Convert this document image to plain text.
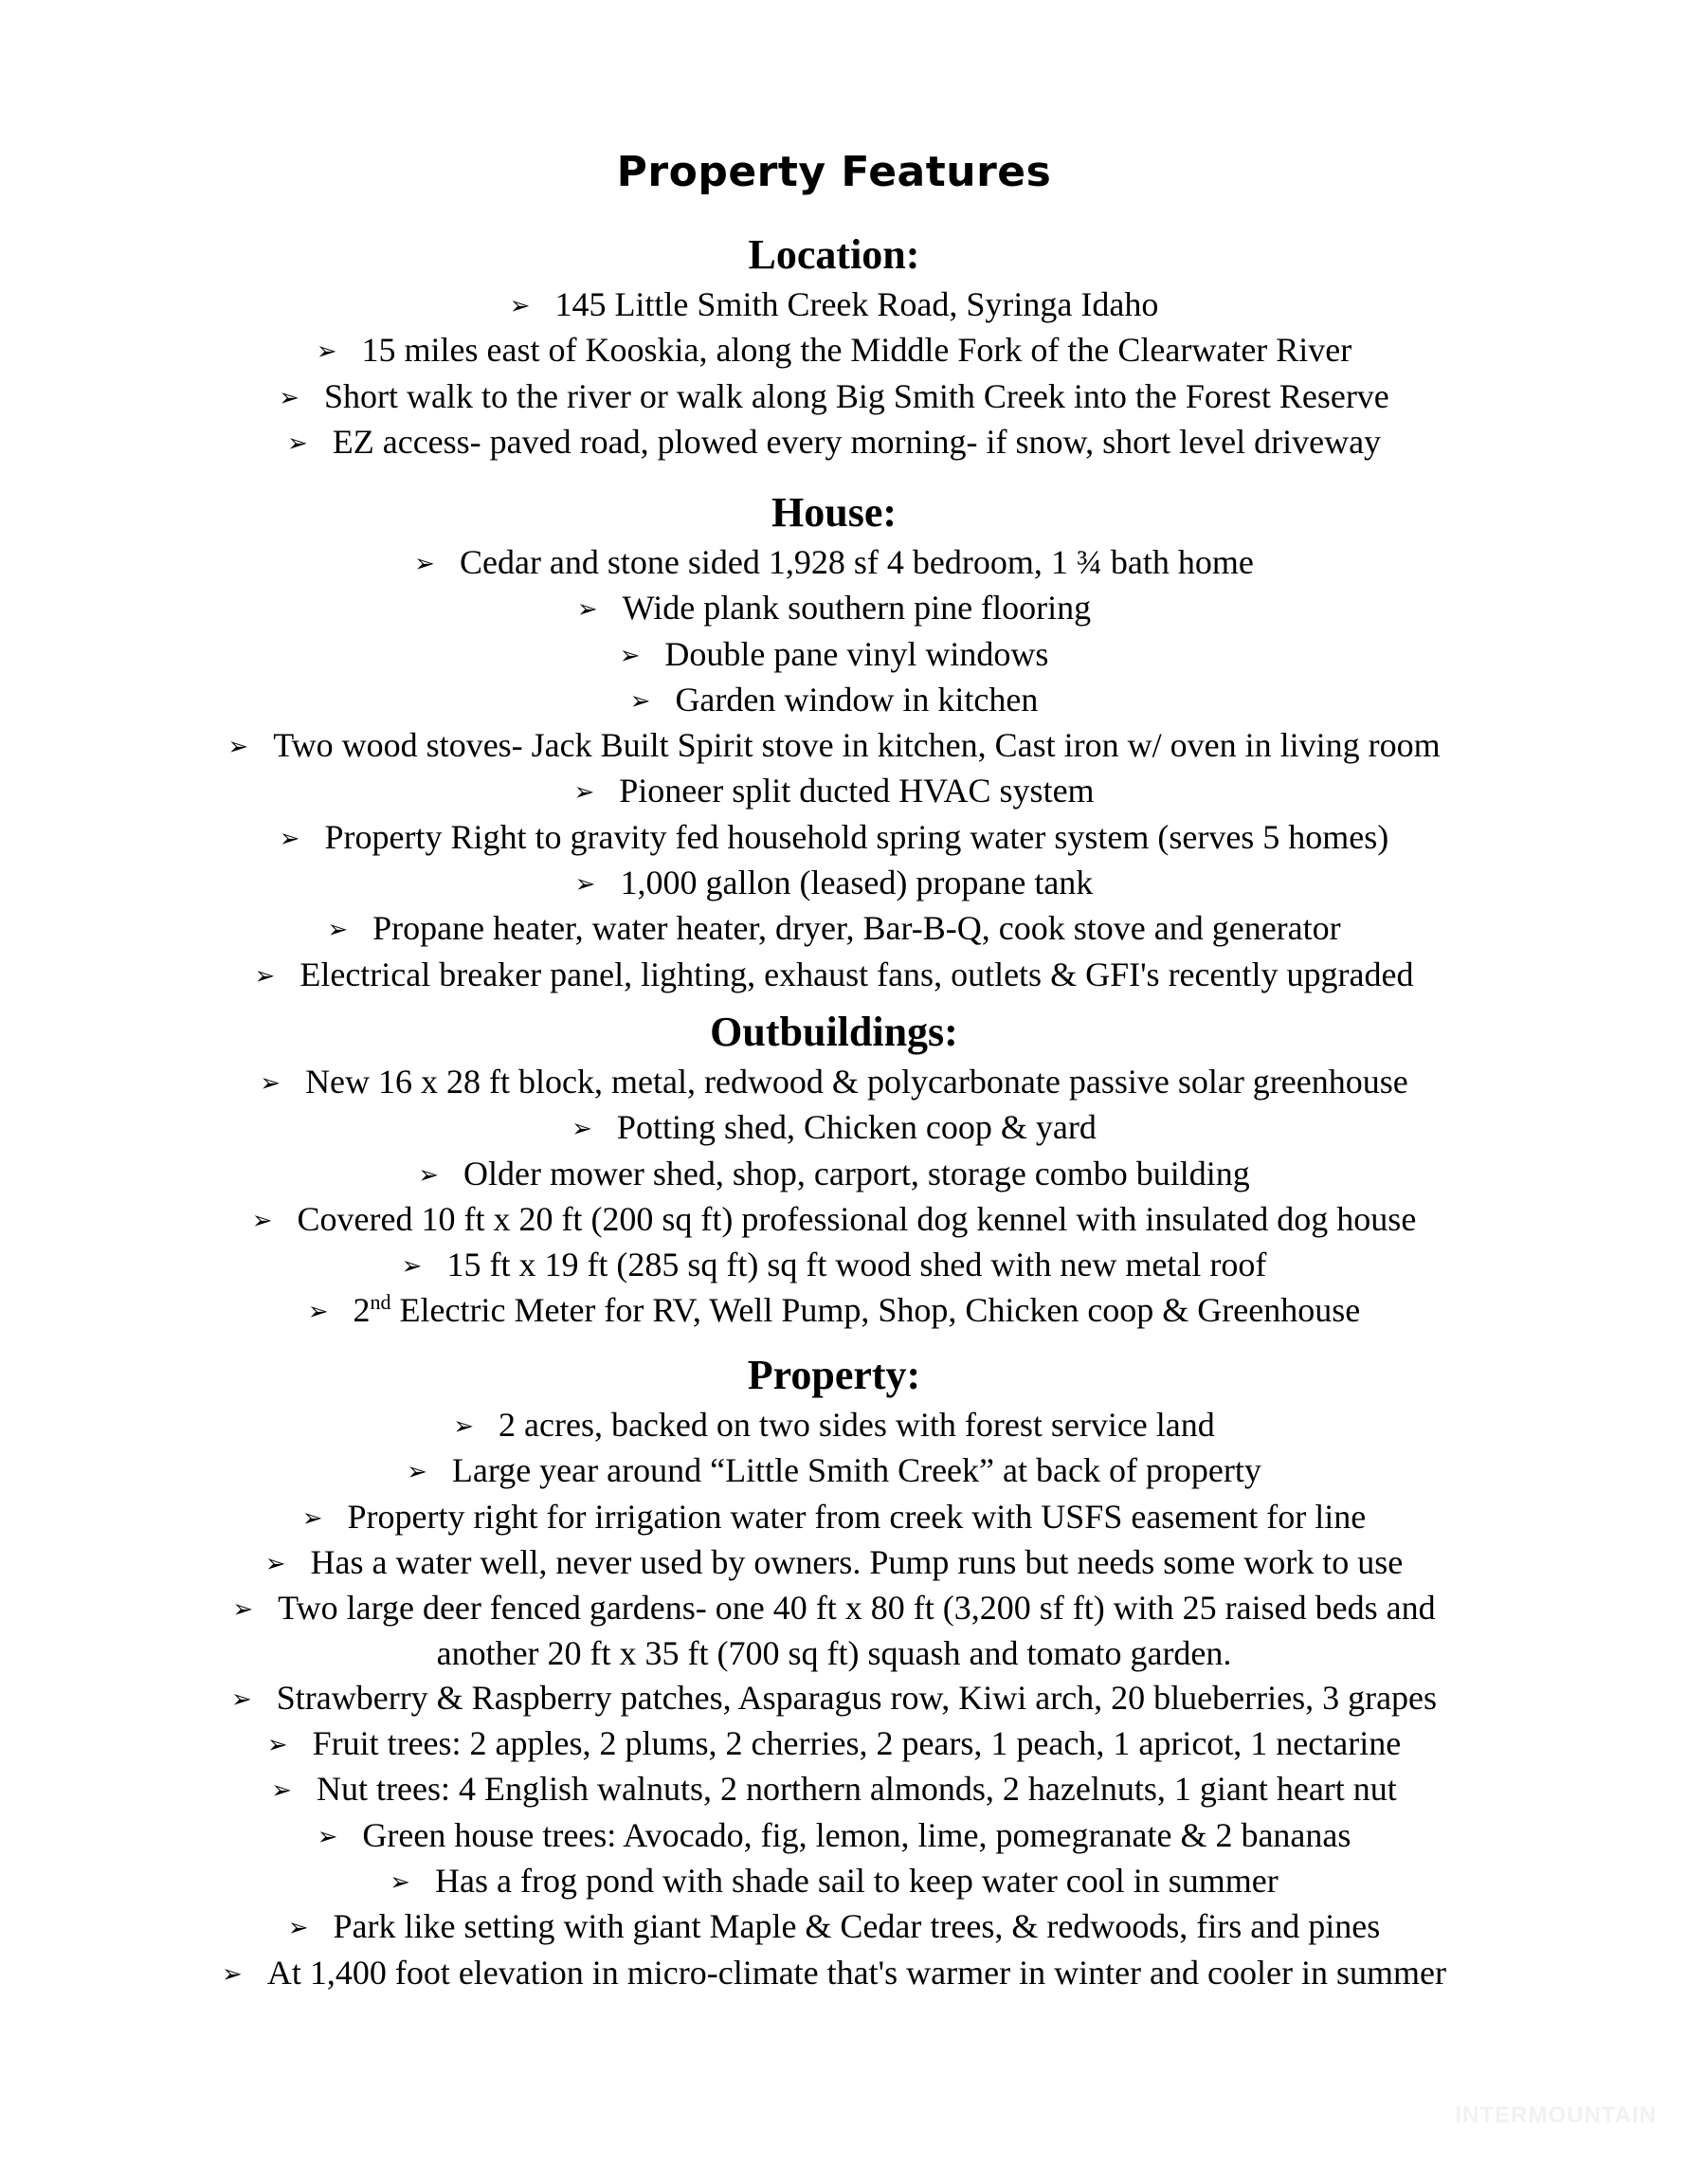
Property Features
Location:
➢ 145 Little Smith Creek Road, Syringa Idaho
➢ 15 miles east of Kooskia, along the Middle Fork of the Clearwater River
➢ Short walk to the river or walk along Big Smith Creek into the Forest Reserve
➢ EZ access- paved road, plowed every morning- if snow, short level driveway
House:
➢ Cedar and stone sided 1,928 sf 4 bedroom, 1 ¾ bath home
➢ Wide plank southern pine flooring
➢ Double pane vinyl windows
➢ Garden window in kitchen
➢ Two wood stoves- Jack Built Spirit stove in kitchen, Cast iron w/ oven in living room
➢ Pioneer split ducted HVAC system
➢ Property Right to gravity fed household spring water system (serves 5 homes)
➢ 1,000 gallon (leased) propane tank
➢ Propane heater, water heater, dryer, Bar-B-Q, cook stove and generator
➢ Electrical breaker panel, lighting, exhaust fans, outlets & GFI's recently upgraded
Outbuildings:
➢ New 16 x 28 ft block, metal, redwood & polycarbonate passive solar greenhouse
➢ Potting shed, Chicken coop & yard
➢ Older mower shed, shop, carport, storage combo building
➢ Covered 10 ft x 20 ft (200 sq ft) professional dog kennel with insulated dog house
➢ 15 ft x 19 ft (285 sq ft) sq ft wood shed with new metal roof
➢ 2nd Electric Meter for RV, Well Pump, Shop, Chicken coop & Greenhouse
Property:
➢ 2 acres, backed on two sides with forest service land
➢ Large year around “Little Smith Creek” at back of property
➢ Property right for irrigation water from creek with USFS easement for line
➢ Has a water well, never used by owners. Pump runs but needs some work to use
➢ Two large deer fenced gardens- one 40 ft x 80 ft (3,200 sf ft) with 25 raised beds and
another 20 ft x 35 ft (700 sq ft) squash and tomato garden.
➢ Strawberry & Raspberry patches, Asparagus row, Kiwi arch, 20 blueberries, 3 grapes
➢ Fruit trees: 2 apples, 2 plums, 2 cherries, 2 pears, 1 peach, 1 apricot, 1 nectarine
➢ Nut trees: 4 English walnuts, 2 northern almonds, 2 hazelnuts, 1 giant heart nut
➢ Green house trees: Avocado, fig, lemon, lime, pomegranate & 2 bananas
➢ Has a frog pond with shade sail to keep water cool in summer
➢ Park like setting with giant Maple & Cedar trees, & redwoods, firs and pines
➢ At 1,400 foot elevation in micro-climate that's warmer in winter and cooler in summer
INTERMOUNTAIN
